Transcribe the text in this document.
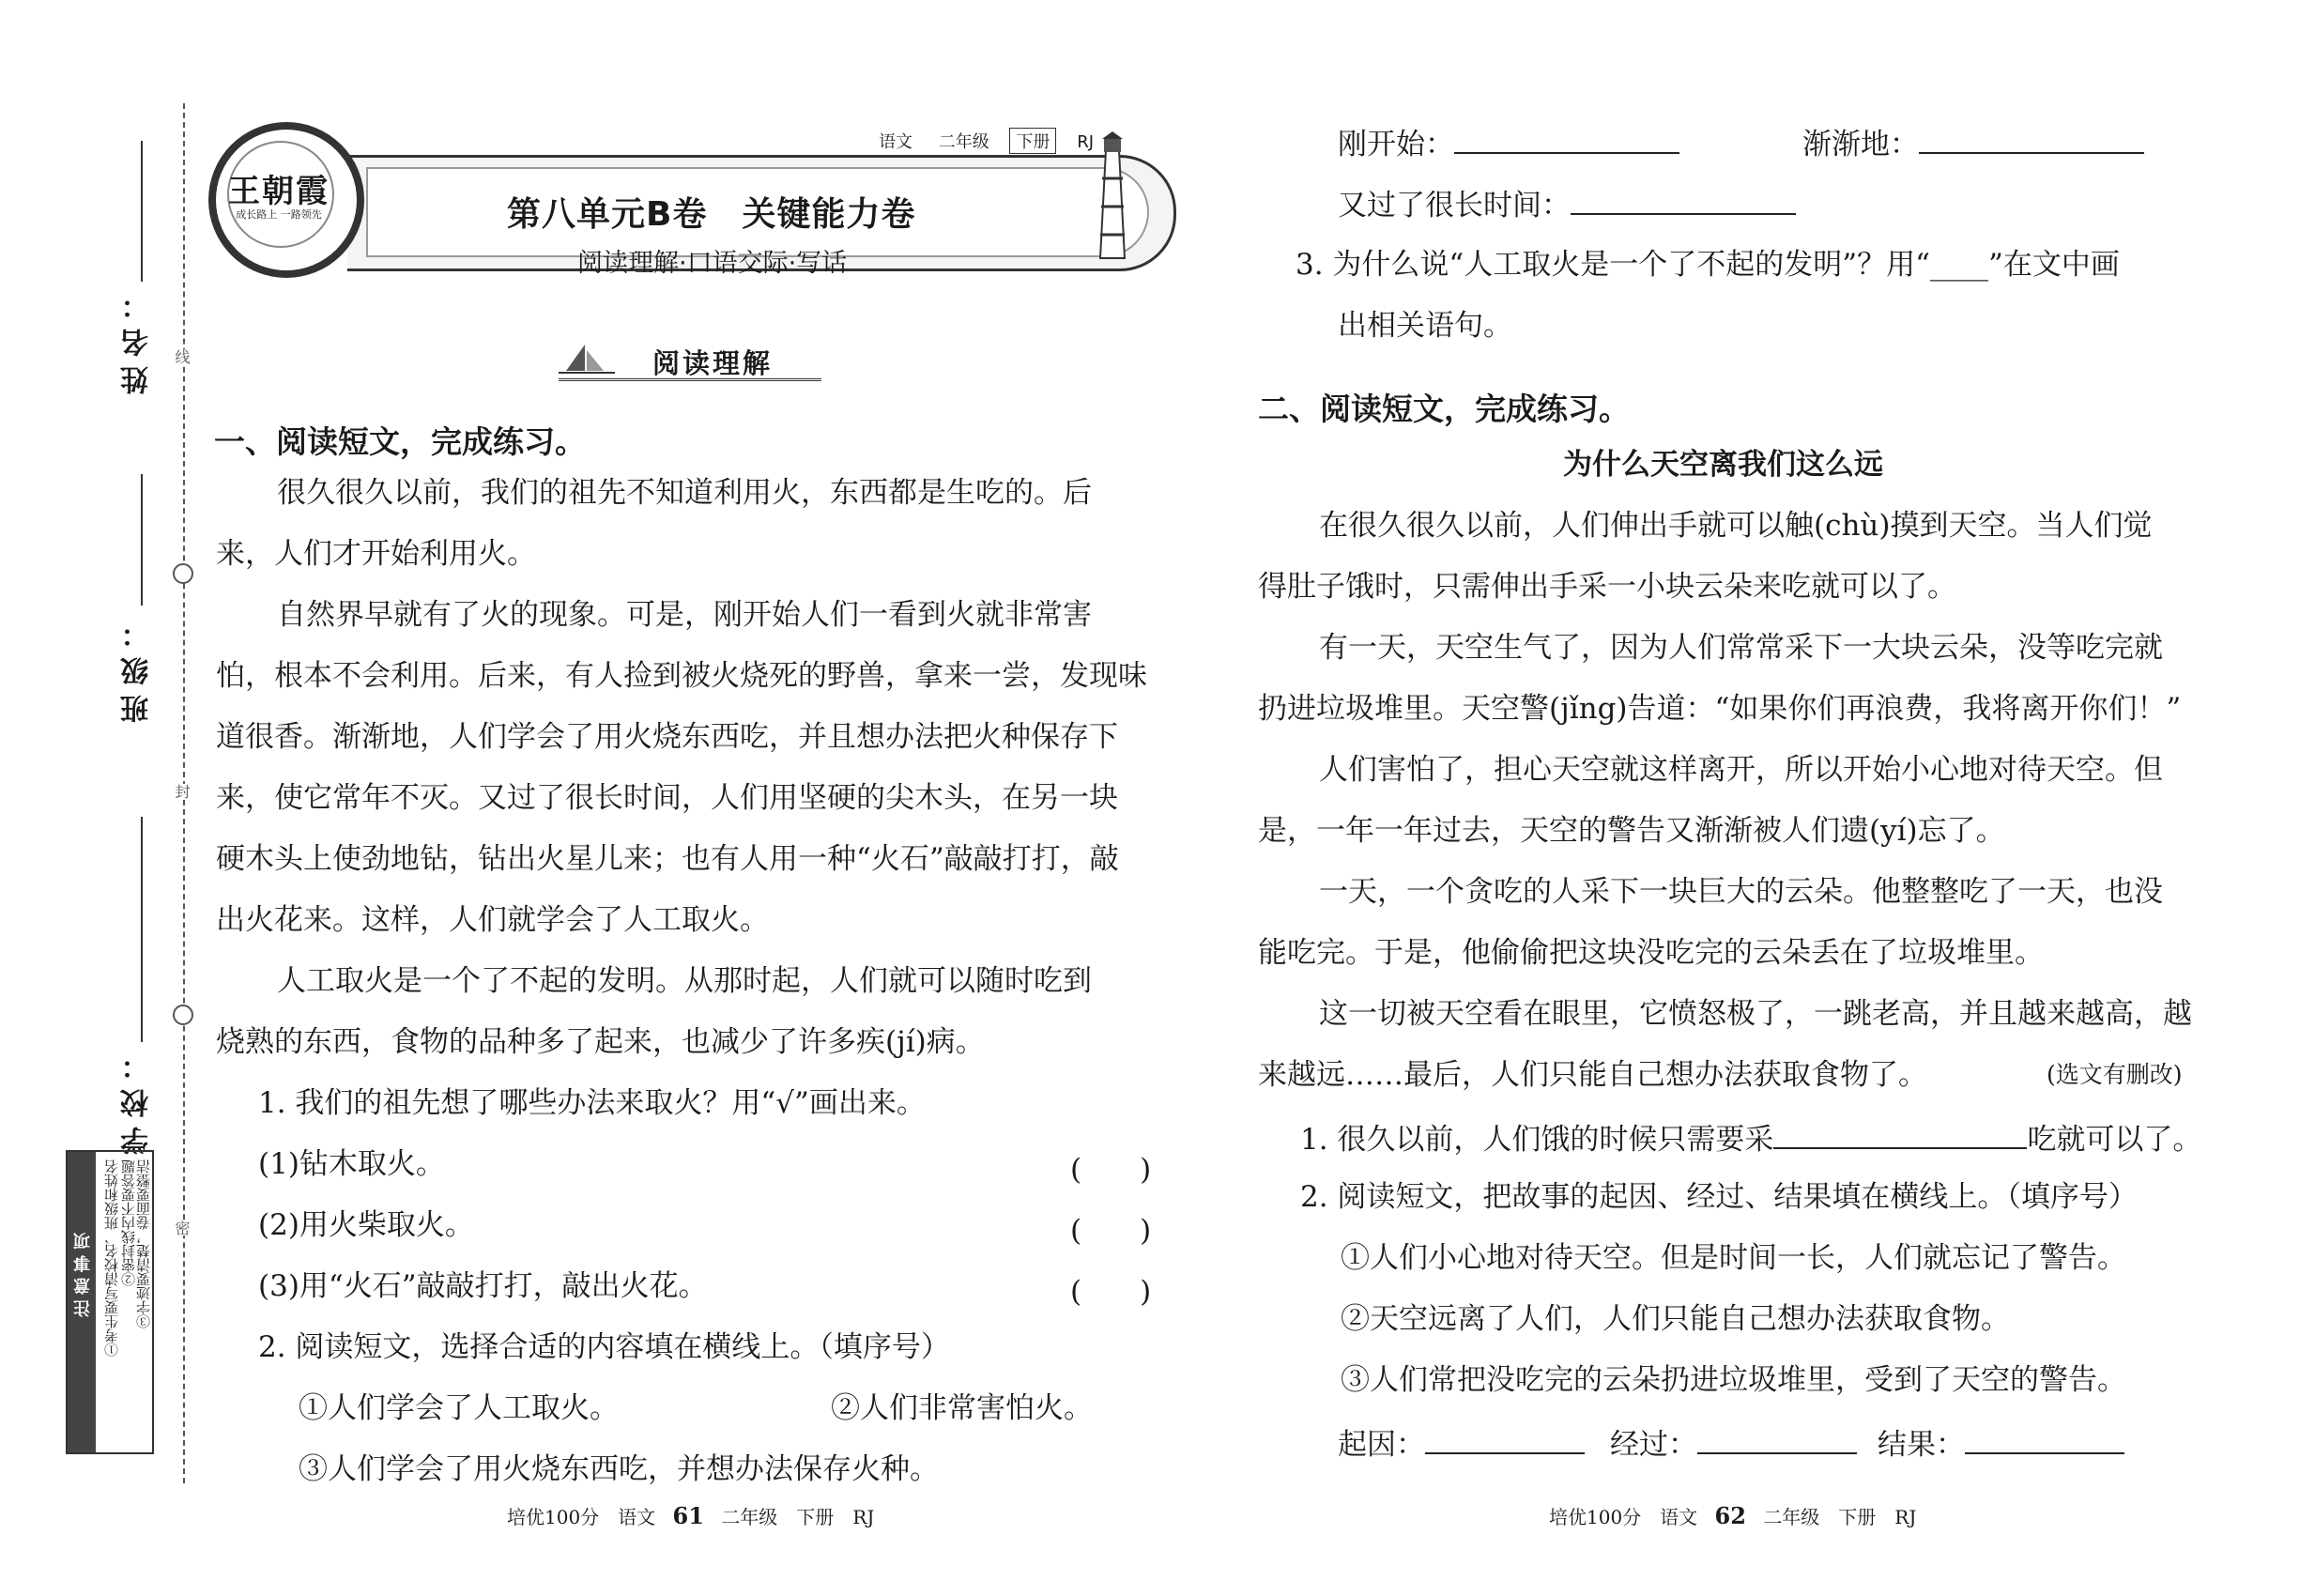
线
封
密
姓名：
班级：
学校：
注意事项 ①考生要写清校名、班级和姓名 ②密封线内不要答题
③字迹要清楚，卷面要整洁
王朝霞
成长路上 一路领先
语文 二年级 下册 RJ
第八单元B卷　关键能力卷
阅读理解·口语交际·写话
阅读理解
一、阅读短文，完成练习。
很久很久以前，我们的祖先不知道利用火，东西都是生吃的。后
来，人们才开始利用火。
自然界早就有了火的现象。可是，刚开始人们一看到火就非常害
怕，根本不会利用。后来，有人捡到被火烧死的野兽，拿来一尝，发现味
道很香。渐渐地，人们学会了用火烧东西吃，并且想办法把火种保存下
来，使它常年不灭。又过了很长时间，人们用坚硬的尖木头，在另一块
硬木头上使劲地钻，钻出火星儿来；也有人用一种“火石”敲敲打打，敲
出火花来。这样，人们就学会了人工取火。
人工取火是一个了不起的发明。从那时起，人们就可以随时吃到
烧熟的东西，食物的品种多了起来，也减少了许多疾(jí)病。
1. 我们的祖先想了哪些办法来取火？用“√”画出来。
(1)钻木取火。	(　　)
(2)用火柴取火。	(　　)
(3)用“火石”敲敲打打，敲出火花。	(　　)
2. 阅读短文，选择合适的内容填在横线上。（填序号）
①人们学会了人工取火。	②人们非常害怕火。
③人们学会了用火烧东西吃，并想办法保存火种。
培优100分　语文 61 二年级　下册　RJ
刚开始：	渐渐地：
又过了很长时间：
3. 为什么说“人工取火是一个了不起的发明”？用“____”在文中画
出相关语句。
二、阅读短文，完成练习。
为什么天空离我们这么远
在很久很久以前，人们伸出手就可以触(chù)摸到天空。当人们觉
得肚子饿时，只需伸出手采一小块云朵来吃就可以了。
有一天，天空生气了，因为人们常常采下一大块云朵，没等吃完就
扔进垃圾堆里。天空警(jǐng)告道：“如果你们再浪费，我将离开你们！”
人们害怕了，担心天空就这样离开，所以开始小心地对待天空。但
是，一年一年过去，天空的警告又渐渐被人们遗(yí)忘了。
一天，一个贪吃的人采下一块巨大的云朵。他整整吃了一天，也没
能吃完。于是，他偷偷把这块没吃完的云朵丢在了垃圾堆里。
这一切被天空看在眼里，它愤怒极了，一跳老高，并且越来越高，越
来越远……最后，人们只能自己想办法获取食物了。	(选文有删改)
1. 很久以前，人们饿的时候只需要采	吃就可以了。
2. 阅读短文，把故事的起因、经过、结果填在横线上。（填序号）
①人们小心地对待天空。但是时间一长，人们就忘记了警告。
②天空远离了人们，人们只能自己想办法获取食物。
③人们常把没吃完的云朵扔进垃圾堆里，受到了天空的警告。
起因：	经过：	结果：
培优100分　语文 62 二年级　下册　RJ
